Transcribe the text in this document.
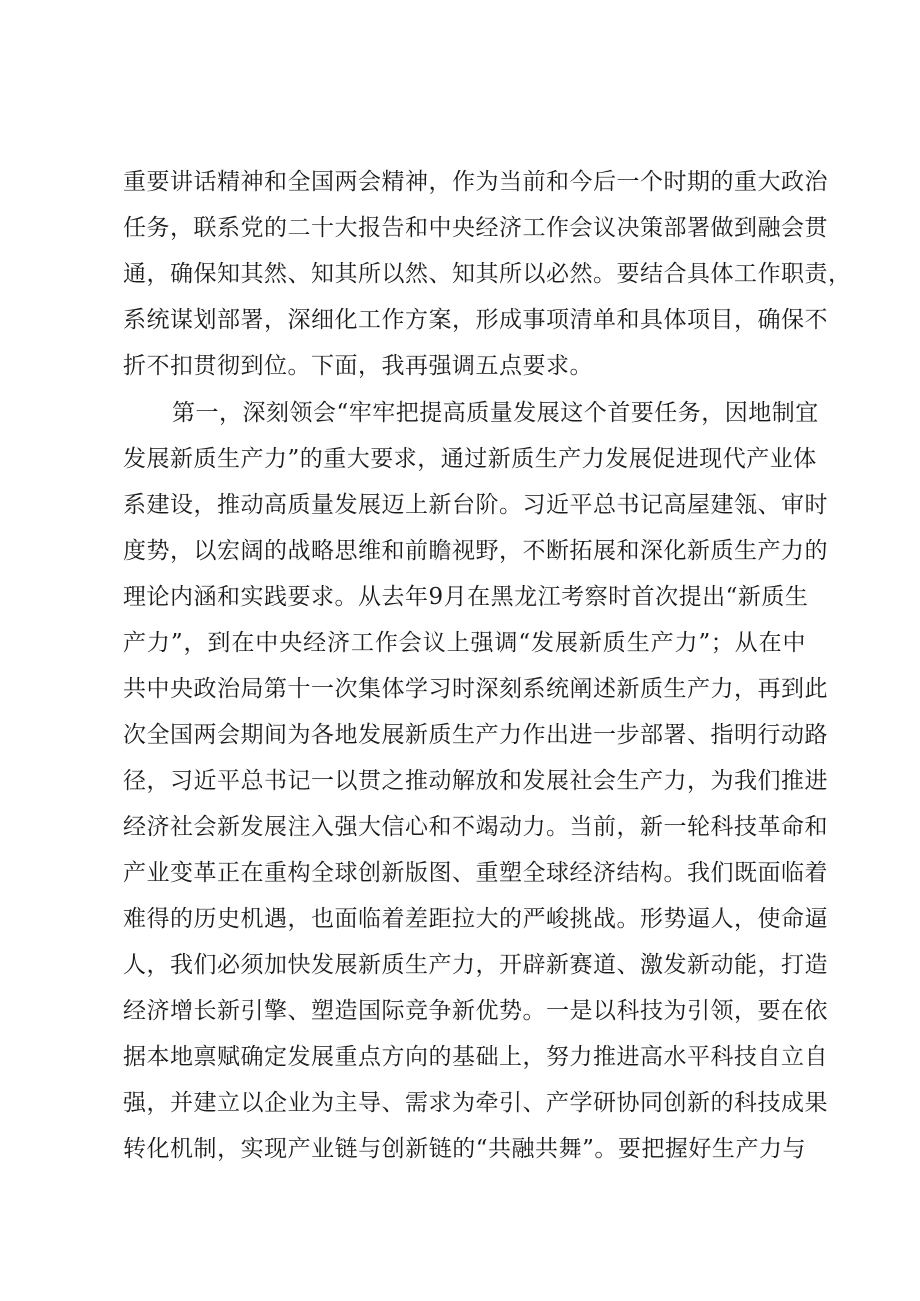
重要讲话精神和全国两会精神，作为当前和今后一个时期的重大政治
任务，联系党的二十大报告和中央经济工作会议决策部署做到融会贯
通，确保知其然、知其所以然、知其所以必然。要结合具体工作职责，
系统谋划部署，深细化工作方案，形成事项清单和具体项目，确保不
折不扣贯彻到位。下面，我再强调五点要求。
第一，深刻领会“牢牢把提高质量发展这个首要任务，因地制宜
发展新质生产力”的重大要求，通过新质生产力发展促进现代产业体
系建设，推动高质量发展迈上新台阶。习近平总书记高屋建瓴、审时
度势，以宏阔的战略思维和前瞻视野，不断拓展和深化新质生产力的
理论内涵和实践要求。从去年9月在黑龙江考察时首次提出“新质生
产力”，到在中央经济工作会议上强调“发展新质生产力”；从在中
共中央政治局第十一次集体学习时深刻系统阐述新质生产力，再到此
次全国两会期间为各地发展新质生产力作出进一步部署、指明行动路
径，习近平总书记一以贯之推动解放和发展社会生产力，为我们推进
经济社会新发展注入强大信心和不竭动力。当前，新一轮科技革命和
产业变革正在重构全球创新版图、重塑全球经济结构。我们既面临着
难得的历史机遇，也面临着差距拉大的严峻挑战。形势逼人，使命逼
人，我们必须加快发展新质生产力，开辟新赛道、激发新动能，打造
经济增长新引擎、塑造国际竞争新优势。一是以科技为引领，要在依
据本地禀赋确定发展重点方向的基础上，努力推进高水平科技自立自
强，并建立以企业为主导、需求为牵引、产学研协同创新的科技成果
转化机制，实现产业链与创新链的“共融共舞”。要把握好生产力与
